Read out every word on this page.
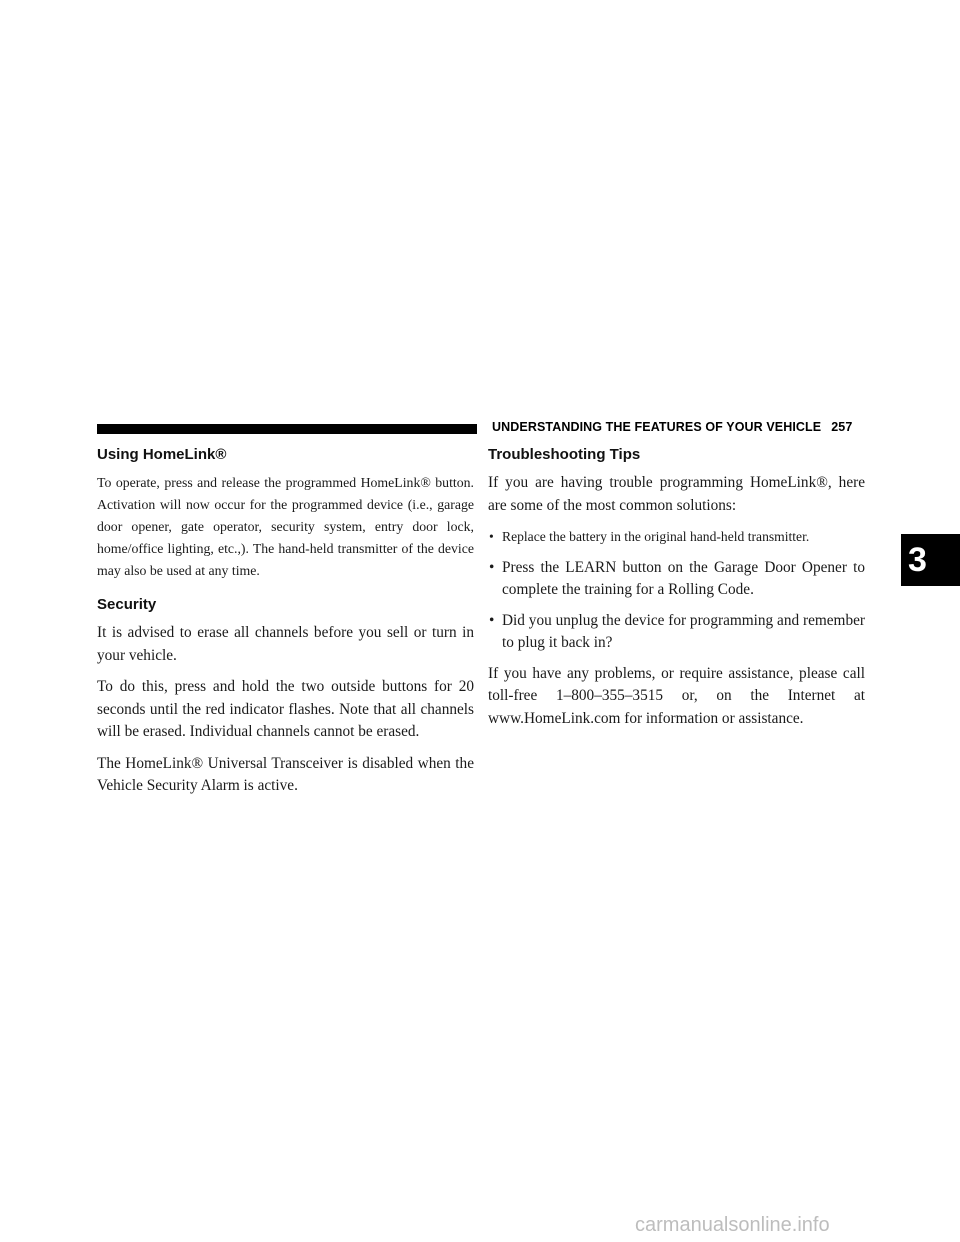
UNDERSTANDING THE FEATURES OF YOUR VEHICLE 257
Using HomeLink®

To operate, press and release the programmed HomeLink® button. Activation will now occur for the programmed device (i.e., garage door opener, gate operator, security system, entry door lock, home/office lighting, etc.,). The hand-held transmitter of the device may also be used at any time.

Security

It is advised to erase all channels before you sell or turn in your vehicle.

To do this, press and hold the two outside buttons for 20 seconds until the red indicator flashes. Note that all channels will be erased. Individual channels cannot be erased.

The HomeLink® Universal Transceiver is disabled when the Vehicle Security Alarm is active.

Troubleshooting Tips

If you are having trouble programming HomeLink®, here are some of the most common solutions:

• Replace the battery in the original hand-held transmitter.
• Press the LEARN button on the Garage Door Opener to complete the training for a Rolling Code.
• Did you unplug the device for programming and remember to plug it back in?

If you have any problems, or require assistance, please call toll-free 1–800–355–3515 or, on the Internet at www.HomeLink.com for information or assistance.

3
carmanualsonline.info
